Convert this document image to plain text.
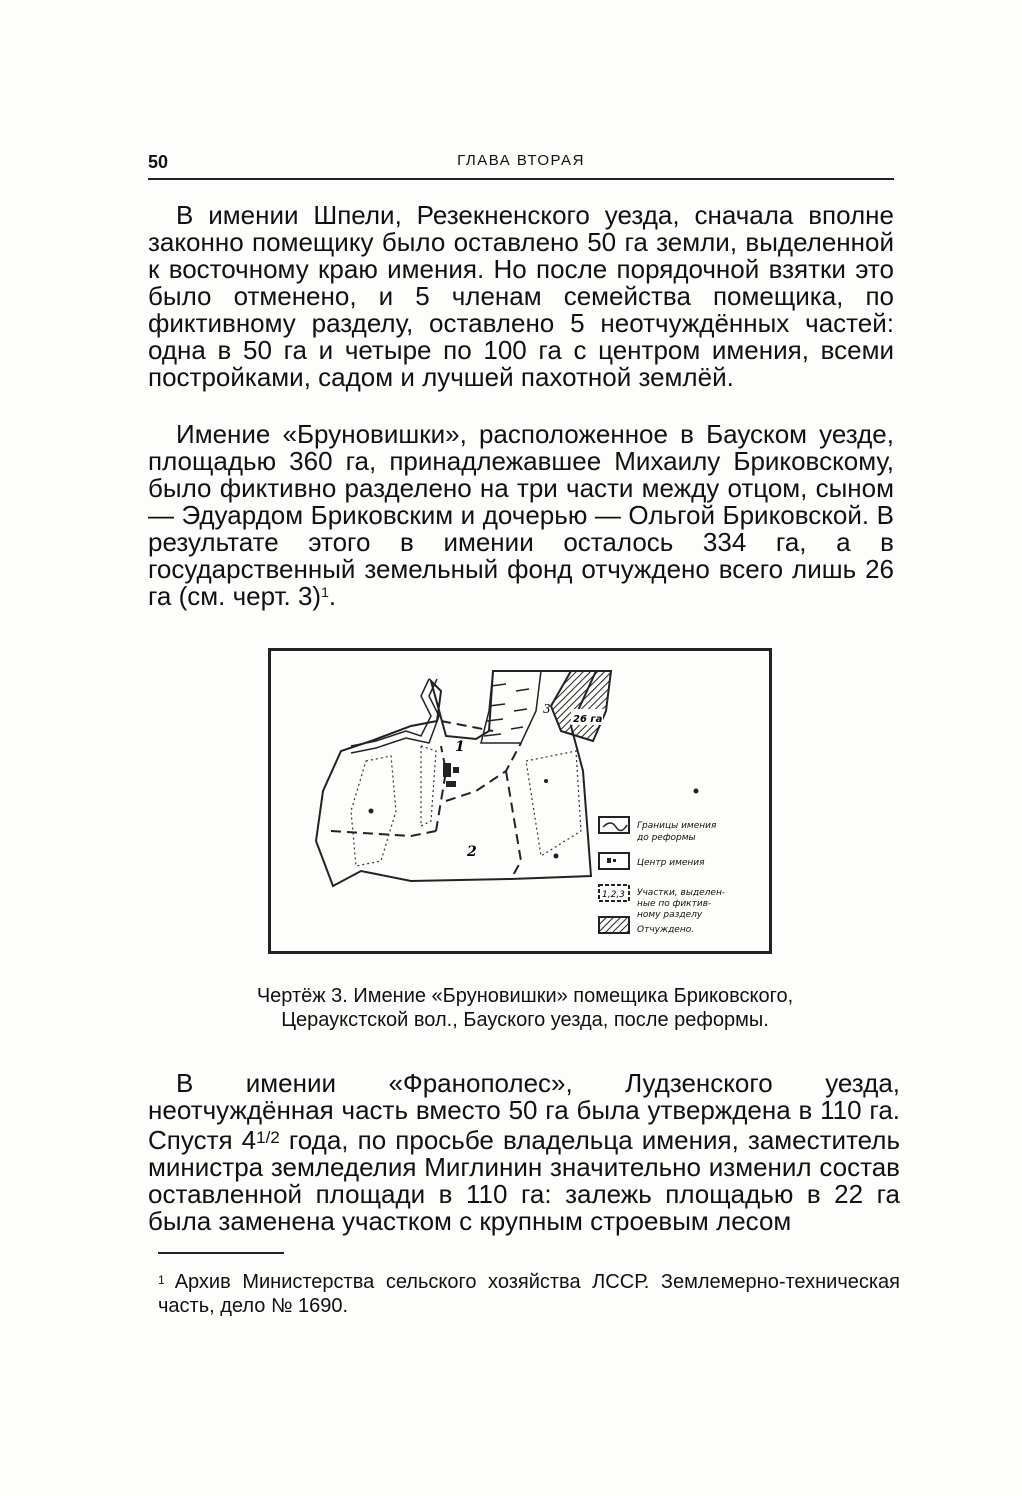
50	ГЛАВА ВТОРАЯ

В имении Шпели, Резекненского уезда, сначала вполне законно помещику было оставлено 50 га земли, выделенной к восточному краю имения. Но после порядочной взятки это было отменено, и 5 членам семейства помещика, по фиктивному разделу, оставлено 5 неотчуждённых частей: одна в 50 га и четыре по 100 га с центром имения, всеми постройками, садом и лучшей пахотной землёй.

Имение «Бруновишки», расположенное в Бауском уезде, площадью 360 га, принадлежавшее Михаилу Бриковскому, было фиктивно разделено на три части между отцом, сыном — Эдуардом Бриковским и дочерью — Ольгой Бриковской. В результате этого в имении осталось 334 га, а в государственный земельный фонд отчуждено всего лишь 26 га (см. черт. 3)$^1$.

1
2
3
26 га
Границы имения
до реформы
Центр имения
1,2,3 Участки, выделен-
ные по фиктив-
ному разделу
Отчуждено.
Чертёж 3. Имение «Бруновишки» помещика Бриковского,
Цераукстской вол., Бауского уезда, после реформы.

В имении «Франополес», Лудзенского уезда, неотчуждённая часть вместо 50 га была утверждена в 110 га. Спустя $4^{1/2}$ года, по просьбе владельца имения, заместитель министра земледелия Миглинин значительно изменил состав оставленной площади в 110 га: залежь площадью в 22 га была заменена участком с крупным строевым лесом

$^1$ Архив Министерства сельского хозяйства ЛССР. Землемерно-техническая часть, дело № 1690.
